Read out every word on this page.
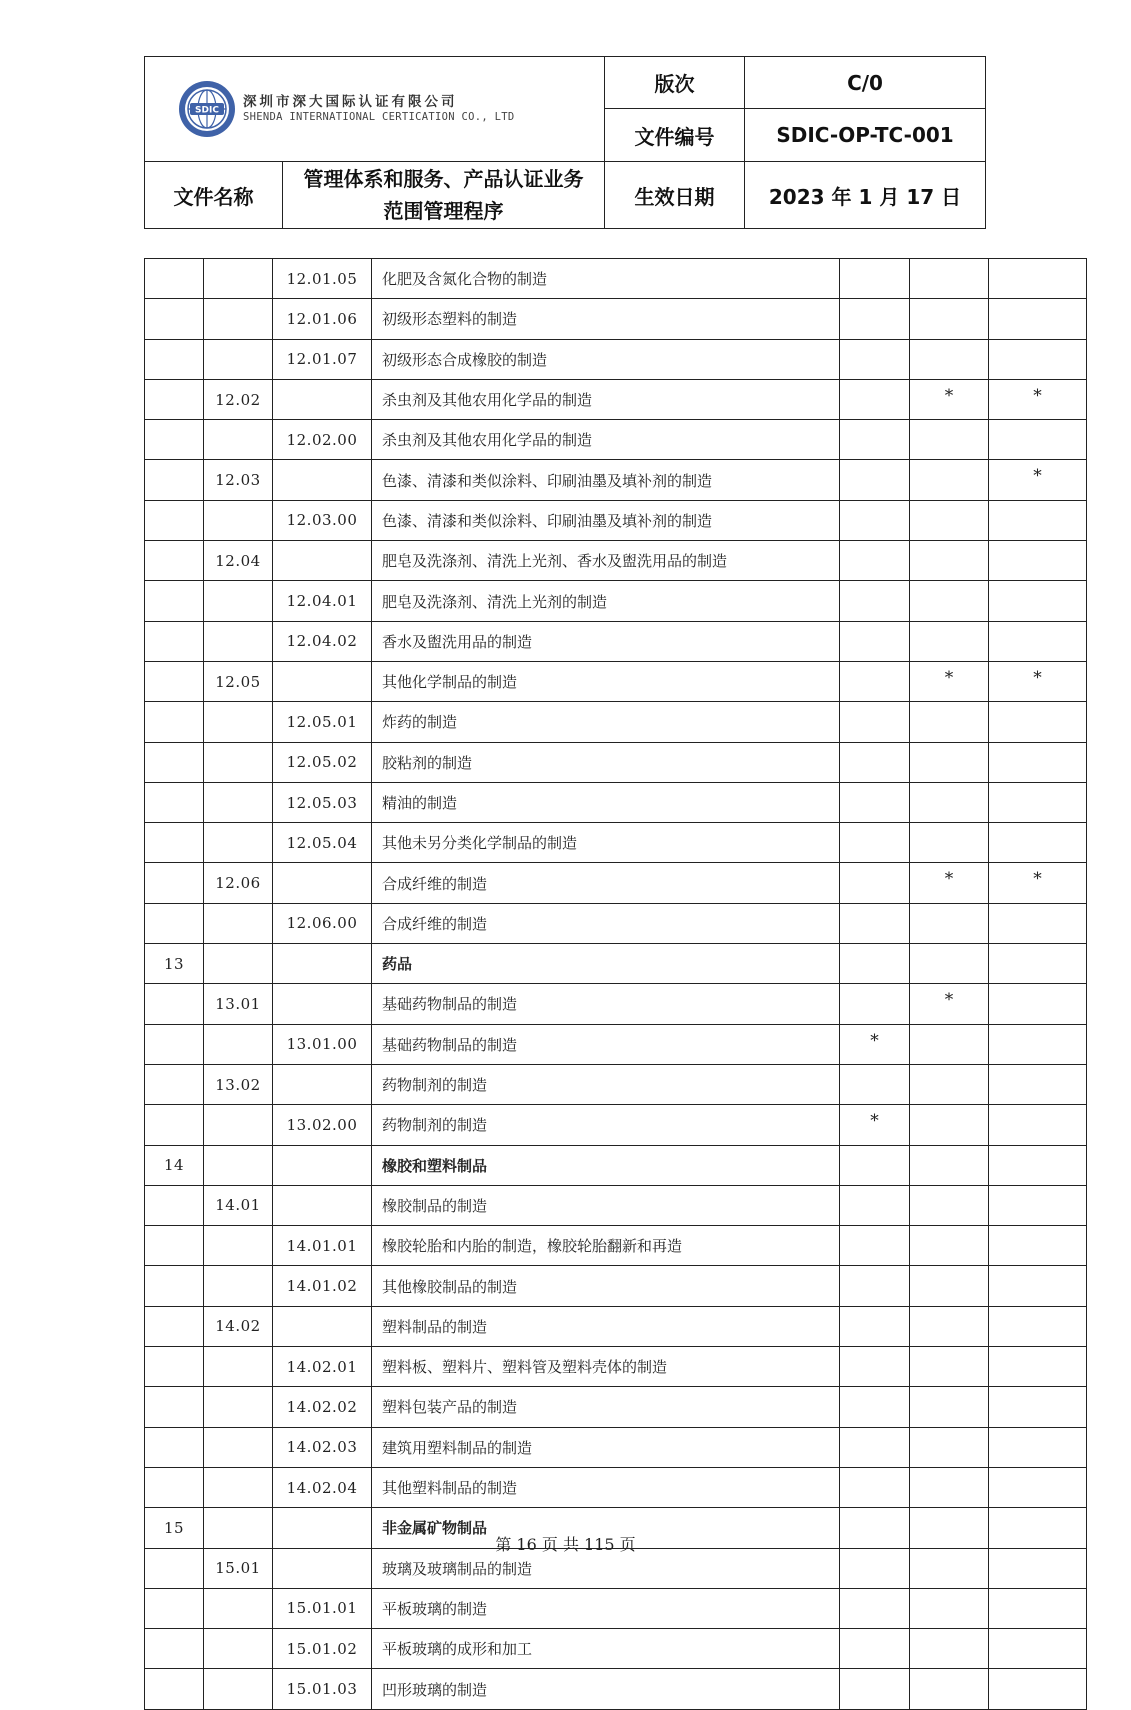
SDIC
深圳市深大国际认证有限公司
SHENDA INTERNATIONAL CERTICATION CO., LTD		版次	C/0
		文件编号	SDIC-OP-TC-001
文件名称	管理体系和服务、产品认证业务范围管理程序	生效日期	2023 年 1 月 17 日
		12.01.05	化肥及含氮化合物的制造			
		12.01.06	初级形态塑料的制造			
		12.01.07	初级形态合成橡胶的制造			
	12.02		杀虫剂及其他农用化学品的制造		*	*
		12.02.00	杀虫剂及其他农用化学品的制造			
	12.03		色漆、清漆和类似涂料、印刷油墨及填补剂的制造			*
		12.03.00	色漆、清漆和类似涂料、印刷油墨及填补剂的制造			
	12.04		肥皂及洗涤剂、清洗上光剂、香水及盥洗用品的制造			
		12.04.01	肥皂及洗涤剂、清洗上光剂的制造			
		12.04.02	香水及盥洗用品的制造			
	12.05		其他化学制品的制造		*	*
		12.05.01	炸药的制造			
		12.05.02	胶粘剂的制造			
		12.05.03	精油的制造			
		12.05.04	其他未另分类化学制品的制造			
	12.06		合成纤维的制造		*	*
		12.06.00	合成纤维的制造			
13			药品			
	13.01		基础药物制品的制造		*	
		13.01.00	基础药物制品的制造	*		
	13.02		药物制剂的制造			
		13.02.00	药物制剂的制造	*		
14			橡胶和塑料制品			
	14.01		橡胶制品的制造			
		14.01.01	橡胶轮胎和内胎的制造，橡胶轮胎翻新和再造			
		14.01.02	其他橡胶制品的制造			
	14.02		塑料制品的制造			
		14.02.01	塑料板、塑料片、塑料管及塑料壳体的制造			
		14.02.02	塑料包装产品的制造			
		14.02.03	建筑用塑料制品的制造			
		14.02.04	其他塑料制品的制造			
15			非金属矿物制品			
	15.01		玻璃及玻璃制品的制造			
		15.01.01	平板玻璃的制造			
		15.01.02	平板玻璃的成形和加工			
		15.01.03	凹形玻璃的制造			
第 16 页 共 115 页
